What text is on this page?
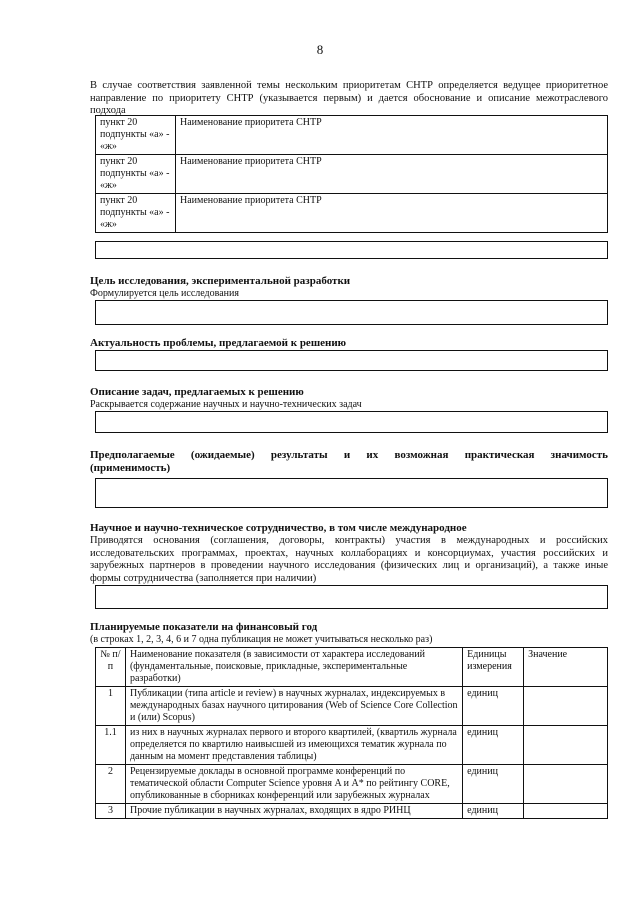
8

В случае соответствия заявленной темы нескольким приоритетам СНТР определяется ведущее приоритетное направление по приоритету СНТР (указывается первым) и дается обоснование и описание межотраслевого подхода

пункт 20 подпункты «а» - «ж»	Наименование приоритета СНТР
пункт 20 подпункты «а» - «ж»	Наименование приоритета СНТР
пункт 20 подпункты «а» - «ж»	Наименование приоритета СНТР
Цель исследования, экспериментальной разработки
Формулируется цель исследования
Актуальность проблемы, предлагаемой к решению
Описание задач, предлагаемых к решению
Раскрывается содержание научных и научно-технических задач
Предполагаемые (ожидаемые) результаты и их возможная практическая значимость (применимость)
Научное и научно-техническое сотрудничество, в том числе международное

Приводятся основания (соглашения, договоры, контракты) участия в международных и российских исследовательских программах, проектах, научных коллаборациях и консорциумах, участия российских и зарубежных партнеров в проведении научного исследования (физических лиц и организаций), а также иные формы сотрудничества (заполняется при наличии)

Планируемые показатели на финансовый год
(в строках 1, 2, 3, 4, 6 и 7 одна публикация не может учитываться несколько раз)
№ п/п	Наименование показателя (в зависимости от характера исследований (фундаментальные, поисковые, прикладные, экспериментальные разработки)	Единицы измерения	Значение
1	Публикации (типа article и review) в научных журналах, индексируемых в международных базах научного цитирования (Web of Science Core Collection и (или) Scopus)	единиц	
1.1	из них в научных журналах первого и второго квартилей, (квартиль журнала определяется по квартилю наивысшей из имеющихся тематик журнала по данным на момент представления таблицы)	единиц	
2	Рецензируемые доклады в основной программе конференций по тематической области Computer Science уровня A и A* по рейтингу CORE, опубликованные в сборниках конференций или зарубежных журналах	единиц	
3	Прочие публикации в научных журналах, входящих в ядро РИНЦ	единиц	
